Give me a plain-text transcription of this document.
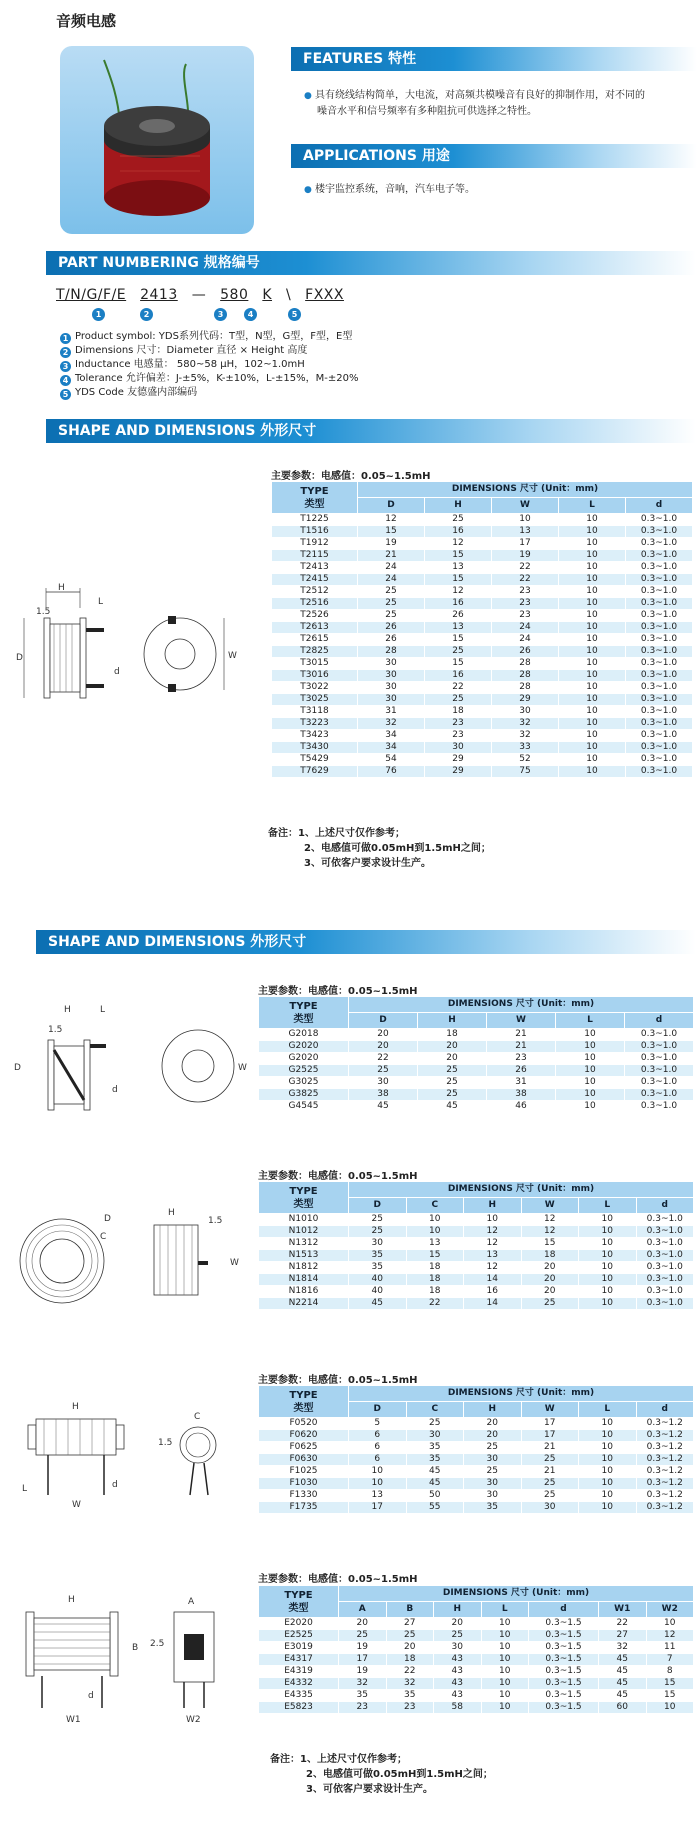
音频电感
FEATURES 特性
● 具有绕线结构简单，大电流，对高频共模噪音有良好的抑制作用，对不同的
噪音水平和信号频率有多种阻抗可供选择之特性。
APPLICATIONS 用途
● 楼宇监控系统，音响，汽车电子等。
PART NUMBERING 规格编号
T/N/G/F/E 2413 — 580 K \ FXXX
1	2	3	4	5
1 Product symbol: YDS系列代码：T型，N型，G型，F型，E型
2 Dimensions 尺寸：Diameter 直径 × Height 高度
3 Inductance 电感量： 580~58 μH，102~1.0mH
4 Tolerance 允许偏差：J-±5%，K-±10%，L-±15%，M-±20%
5 YDS Code 友德盛内部编码
SHAPE AND DIMENSIONS 外形尺寸
主要参数：电感值：0.05~1.5mH
H
1.5
L
D
d
W
TYPE
类型	DIMENSIONS 尺寸 (Unit：mm)				
	D	H	W	L	d
T1225	12	25	10	10	0.3~1.0
T1516	15	16	13	10	0.3~1.0
T1912	19	12	17	10	0.3~1.0
T2115	21	15	19	10	0.3~1.0
T2413	24	13	22	10	0.3~1.0
T2415	24	15	22	10	0.3~1.0
T2512	25	12	23	10	0.3~1.0
T2516	25	16	23	10	0.3~1.0
T2526	25	26	23	10	0.3~1.0
T2613	26	13	24	10	0.3~1.0
T2615	26	15	24	10	0.3~1.0
T2825	28	25	26	10	0.3~1.0
T3015	30	15	28	10	0.3~1.0
T3016	30	16	28	10	0.3~1.0
T3022	30	22	28	10	0.3~1.0
T3025	30	25	29	10	0.3~1.0
T3118	31	18	30	10	0.3~1.0
T3223	32	23	32	10	0.3~1.0
T3423	34	23	32	10	0.3~1.0
T3430	34	30	33	10	0.3~1.0
T5429	54	29	52	10	0.3~1.0
T7629	76	29	75	10	0.3~1.0
备注：1、上述尺寸仅作参考；
2、电感值可做0.05mH到1.5mH之间；
3、可依客户要求设计生产。
SHAPE AND DIMENSIONS 外形尺寸
主要参数：电感值：0.05~1.5mH
H	L
1.5
D
d
W
TYPE
类型	DIMENSIONS 尺寸 (Unit：mm)				
	D	H	W	L	d
G2018	20	18	21	10	0.3~1.0
G2020	20	20	21	10	0.3~1.0
G2020	22	20	23	10	0.3~1.0
G2525	25	25	26	10	0.3~1.0
G3025	30	25	31	10	0.3~1.0
G3825	38	25	38	10	0.3~1.0
G4545	45	45	46	10	0.3~1.0
主要参数：电感值：0.05~1.5mH
D
C
H
1.5
W
TYPE
类型	DIMENSIONS 尺寸 (Unit：mm)					
	D	C	H	W	L	d
N1010	25	10	10	12	10	0.3~1.0
N1012	25	10	12	12	10	0.3~1.0
N1312	30	13	12	15	10	0.3~1.0
N1513	35	15	13	18	10	0.3~1.0
N1812	35	18	12	20	10	0.3~1.0
N1814	40	18	14	20	10	0.3~1.0
N1816	40	18	16	20	10	0.3~1.0
N2214	45	22	14	25	10	0.3~1.0
主要参数：电感值：0.05~1.5mH
H
W
L	d
1.5
C
TYPE
类型	DIMENSIONS 尺寸 (Unit：mm)					
	D	C	H	W	L	d
F0520	5	25	20	17	10	0.3~1.2
F0620	6	30	20	17	10	0.3~1.2
F0625	6	35	25	21	10	0.3~1.2
F0630	6	35	30	25	10	0.3~1.2
F1025	10	45	25	21	10	0.3~1.2
F1030	10	45	30	25	10	0.3~1.2
F1330	13	50	30	25	10	0.3~1.2
F1735	17	55	35	30	10	0.3~1.2
主要参数：电感值：0.05~1.5mH
H
W1
d
B 2.5
A
W2
TYPE
类型	DIMENSIONS 尺寸 (Unit：mm)						
	A	B	H	L	d	W1	W2
E2020	20	27	20	10	0.3~1.5	22	10
E2525	25	25	25	10	0.3~1.5	27	12
E3019	19	20	30	10	0.3~1.5	32	11
E4317	17	18	43	10	0.3~1.5	45	7
E4319	19	22	43	10	0.3~1.5	45	8
E4332	32	32	43	10	0.3~1.5	45	15
E4335	35	35	43	10	0.3~1.5	45	15
E5823	23	23	58	10	0.3~1.5	60	10
备注：1、上述尺寸仅作参考；
2、电感值可做0.05mH到1.5mH之间；
3、可依客户要求设计生产。
